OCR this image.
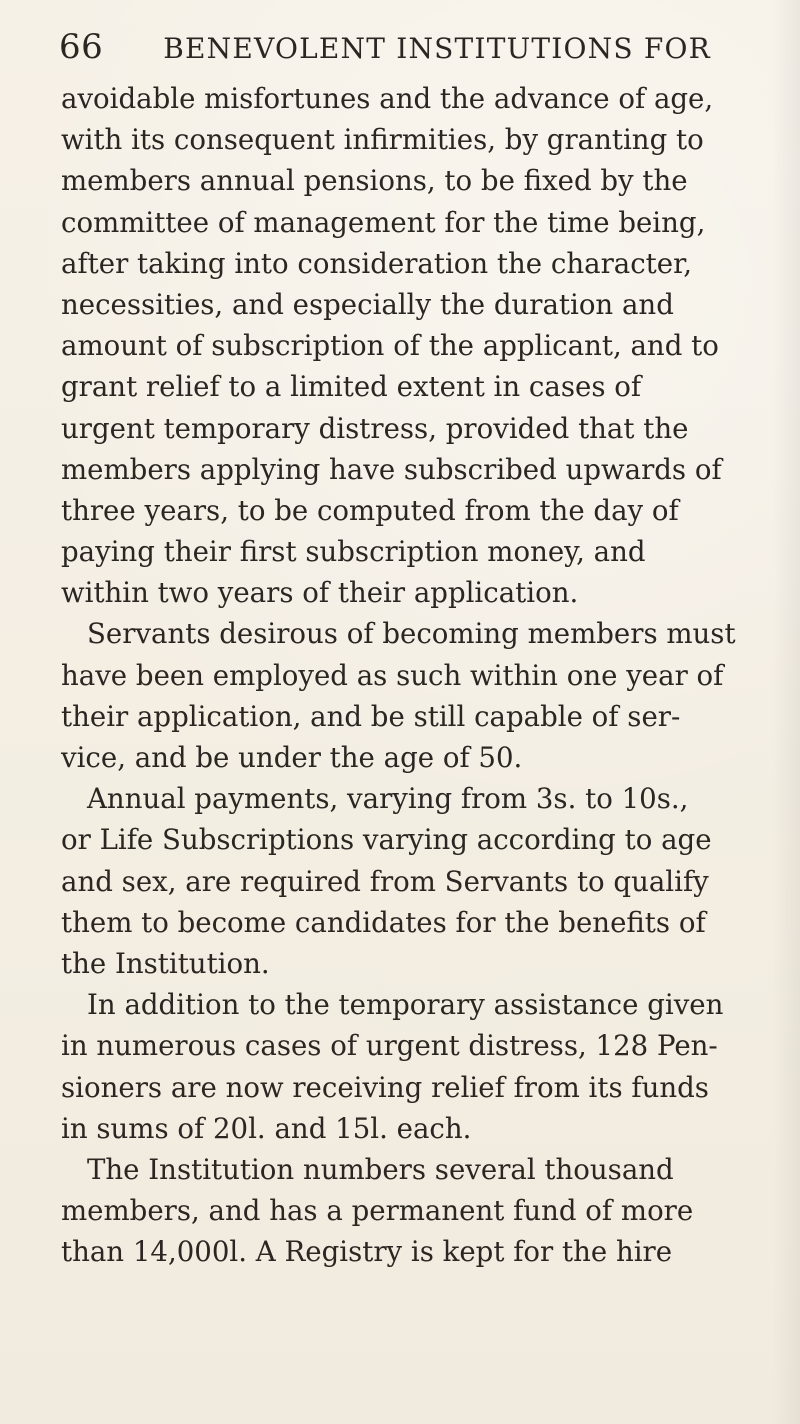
66 BENEVOLENT INSTITUTIONS FOR
avoidable misfortunes and the advance of age,
with its consequent infirmities, by granting to
members annual pensions, to be fixed by the
committee of management for the time being,
after taking into consideration the character,
necessities, and especially the duration and
amount of subscription of the applicant, and to
grant relief to a limited extent in cases of
urgent temporary distress, provided that the
members applying have subscribed upwards of
three years, to be computed from the day of
paying their first subscription money, and
within two years of their application.
Servants desirous of becoming members must
have been employed as such within one year of
their application, and be still capable of ser-
vice, and be under the age of 50.
Annual payments, varying from 3s. to 10s.,
or Life Subscriptions varying according to age
and sex, are required from Servants to qualify
them to become candidates for the benefits of
the Institution.
In addition to the temporary assistance given
in numerous cases of urgent distress, 128 Pen-
sioners are now receiving relief from its funds
in sums of 20l. and 15l. each.
The Institution numbers several thousand
members, and has a permanent fund of more
than 14,000l. A Registry is kept for the hire
